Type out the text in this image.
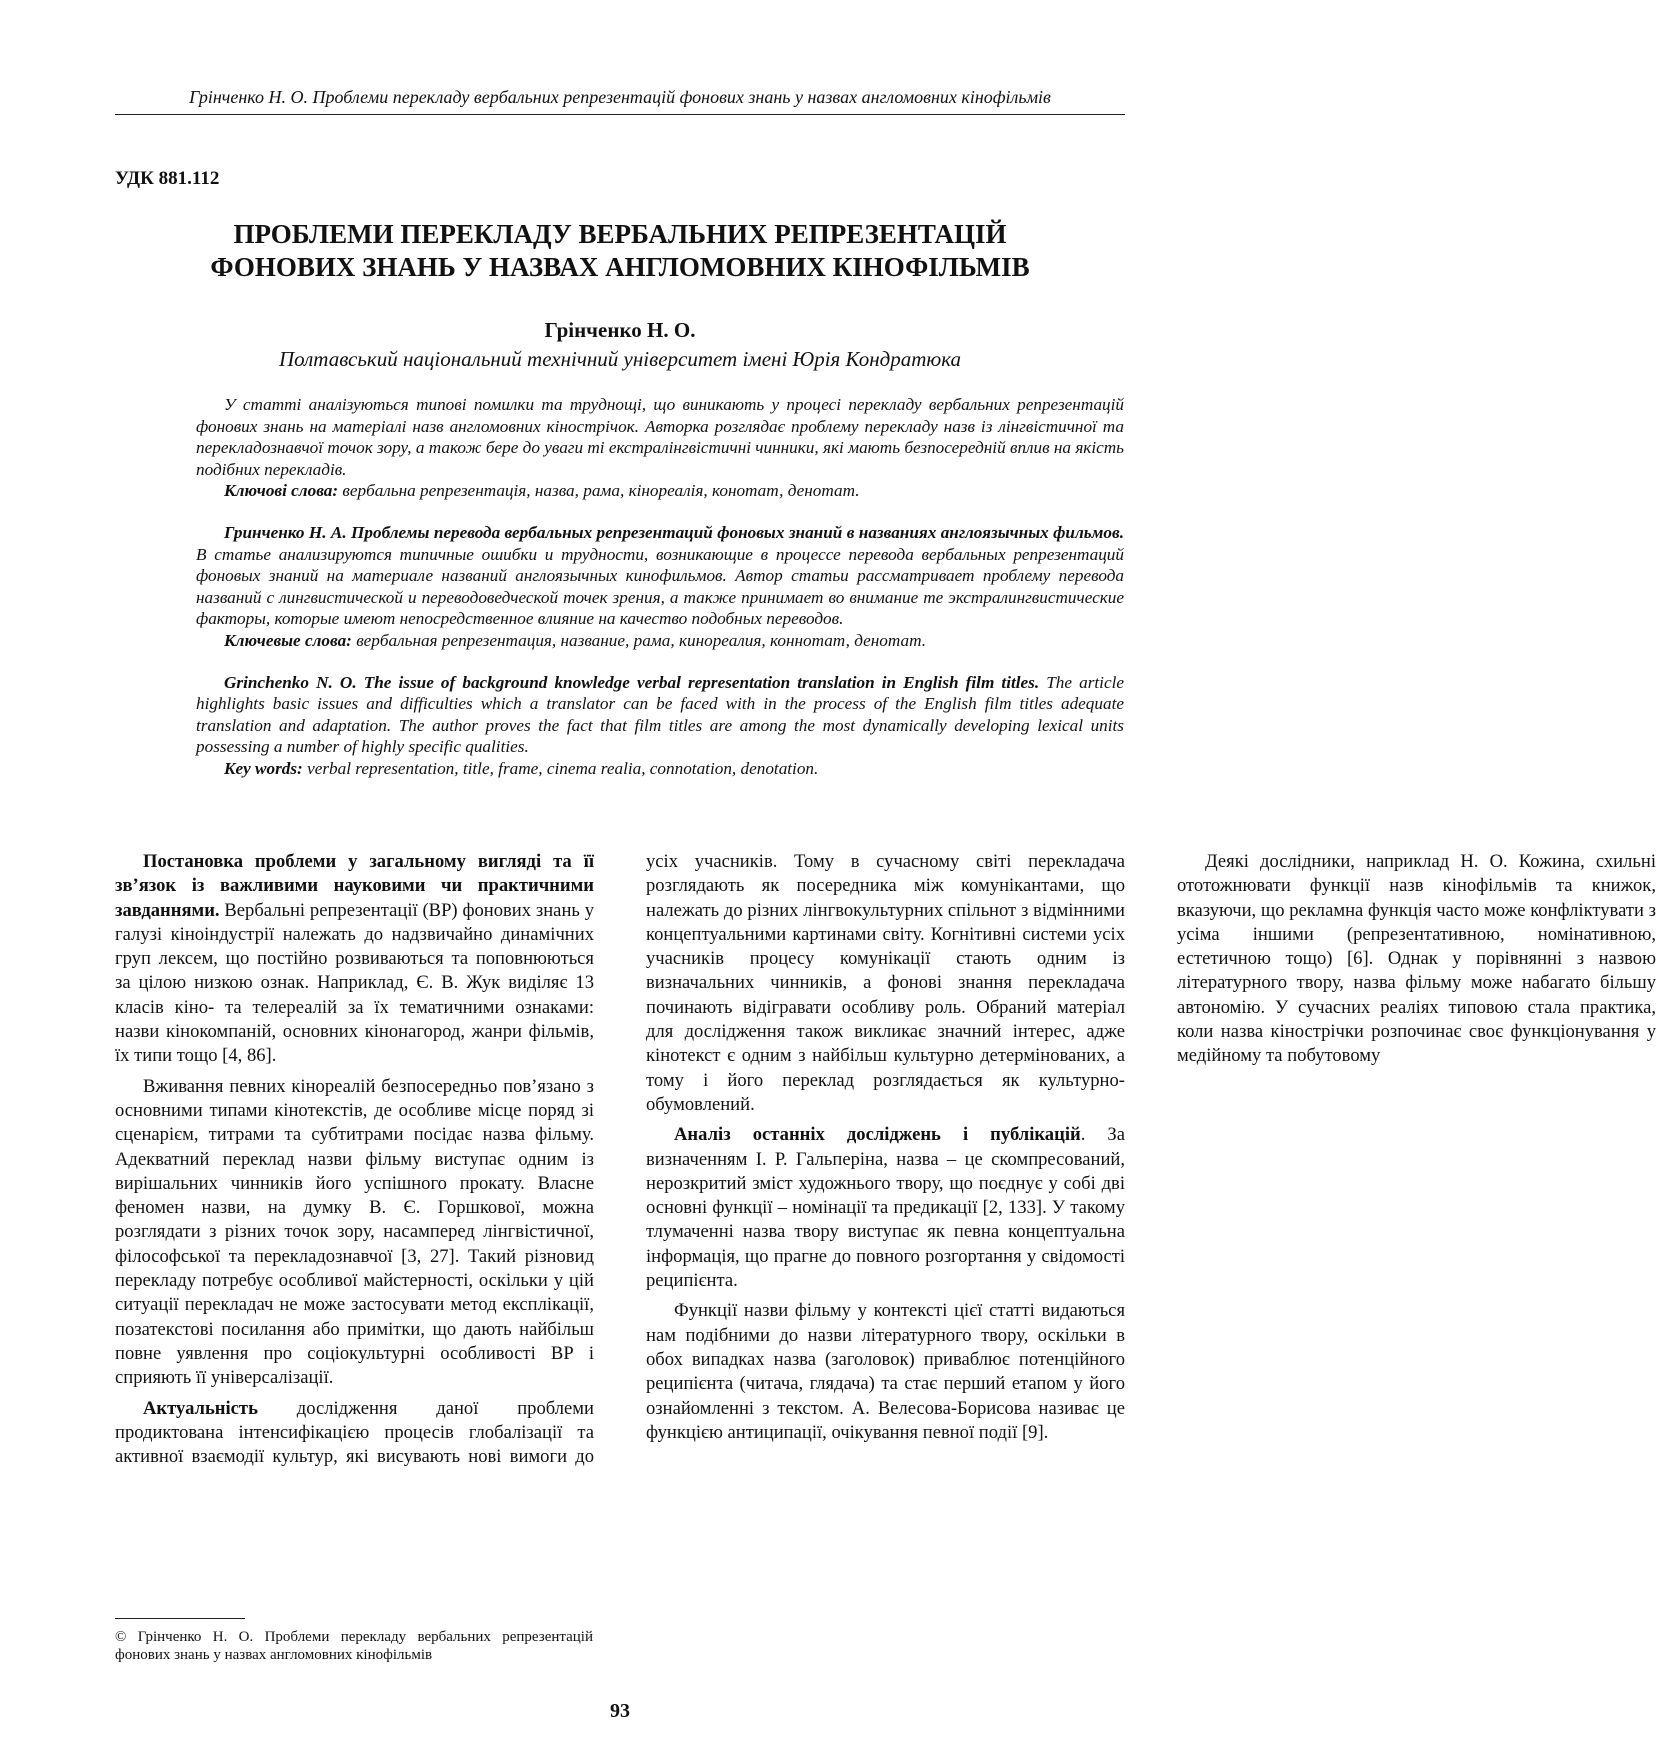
Грінченко Н. О. Проблеми перекладу вербальних репрезентацій фонових знань у назвах англомовних кінофільмів
УДК 881.112
ПРОБЛЕМИ ПЕРЕКЛАДУ ВЕРБАЛЬНИХ РЕПРЕЗЕНТАЦІЙ
ФОНОВИХ ЗНАНЬ У НАЗВАХ АНГЛОМОВНИХ КІНОФІЛЬМІВ
Грінченко Н. О.
Полтавський національний технічний університет імені Юрія Кондратюка

У статті аналізуються типові помилки та труднощі, що виникають у процесі перекладу вербальних репрезентацій фонових знань на матеріалі назв англомовних кінострічок. Авторка розглядає проблему перекладу назв із лінгвістичної та перекладознавчої точок зору, а також бере до уваги ті екстралінгвістичні чинники, які мають безпосередній вплив на якість подібних перекладів.

Ключові слова: вербальна репрезентація, назва, рама, кінореалія, конотат, денотат.

Гринченко Н. А. Проблемы перевода вербальных репрезентаций фоновых знаний в названиях англоязычных фильмов. В статье анализируются типичные ошибки и трудности, возникающие в процессе перевода вербальных репрезентаций фоновых знаний на материале названий англоязычных кинофильмов. Автор статьи рассматривает проблему перевода названий с лингвистической и переводоведческой точек зрения, а также принимает во внимание те экстралингвистические факторы, которые имеют непосредственное влияние на качество подобных переводов.

Ключевые слова: вербальная репрезентация, название, рама, кинореалия, коннотат, денотат.

Grinchenko N. O. The issue of background knowledge verbal representation translation in English film titles. The article highlights basic issues and difficulties which a translator can be faced with in the process of the English film titles adequate translation and adaptation. The author proves the fact that film titles are among the most dynamically developing lexical units possessing a number of highly specific qualities.

Key words: verbal representation, title, frame, cinema realia, connotation, denotation.

Постановка проблеми у загальному вигляді та її зв’язок із важливими науковими чи практичними завданнями. Вербальні репрезентації (ВР) фонових знань у галузі кіноіндустрії належать до надзвичайно динамічних груп лексем, що постійно розвиваються та поповнюються за цілою низкою ознак. Наприклад, Є. В. Жук виділяє 13 класів кіно- та телереалій за їх тематичними ознаками: назви кінокомпаній, основних кінонагород, жанри фільмів, їх типи тощо [4, 86].

Вживання певних кінореалій безпосередньо пов’язано з основними типами кінотекстів, де особливе місце поряд зі сценарієм, титрами та субтитрами посідає назва фільму. Адекватний переклад назви фільму виступає одним із вирішальних чинників його успішного прокату. Власне феномен назви, на думку В. Є. Горшкової, можна розглядати з різних точок зору, насамперед лінгвістичної, філософської та перекладознавчої [3, 27]. Такий різновид перекладу потребує особливої майстерності, оскільки у цій ситуації перекладач не може застосувати метод експлікації, позатекстові посилання або примітки, що дають найбільш повне уявлення про соціокультурні особливості ВР і сприяють її універсалізації.

Актуальність дослідження даної проблеми продиктована інтенсифікацією процесів глобалізації та активної взаємодії культур, які висувають нові вимоги до усіх учасників. Тому в сучасному світі перекладача розглядають як посередника між комунікантами, що належать до різних лінгвокультурних спільнот з відмінними концептуальними картинами світу. Когнітивні системи усіх учасників процесу комунікації стають одним із визначальних чинників, а фонові знання перекладача починають відігравати особливу роль. Обраний матеріал для дослідження також викликає значний інтерес, адже кінотекст є одним з найбільш культурно детермінованих, а тому і його переклад розглядається як культурно-обумовлений.

Аналіз останніх досліджень і публікацій. За визначенням І. Р. Гальперіна, назва – це скомпресований, нерозкритий зміст художнього твору, що поєднує у собі дві основні функції – номінації та предикації [2, 133]. У такому тлумаченні назва твору виступає як певна концептуальна інформація, що прагне до повного розгортання у свідомості реципієнта.

Функції назви фільму у контексті цієї статті видаються нам подібними до назви літературного твору, оскільки в обох випадках назва (заголовок) приваблює потенційного реципієнта (читача, глядача) та стає перший етапом у його ознайомленні з текстом. А. Велесова-Борисова називає це функцією антиципації, очікування певної події [9].

Деякі дослідники, наприклад Н. О. Кожина, схильні ототожнювати функції назв кінофільмів та книжок, вказуючи, що рекламна функція часто може конфліктувати з усіма іншими (репрезентативною, номінативною, естетичною тощо) [6]. Однак у порівнянні з назвою літературного твору, назва фільму може набагато більшу автономію. У сучасних реаліях типовою стала практика, коли назва кінострічки розпочинає своє функціонування у медійному та побутовому

© Грінченко Н. О. Проблеми перекладу вербальних репрезентацій фонових знань у назвах англомовних кінофільмів

93
